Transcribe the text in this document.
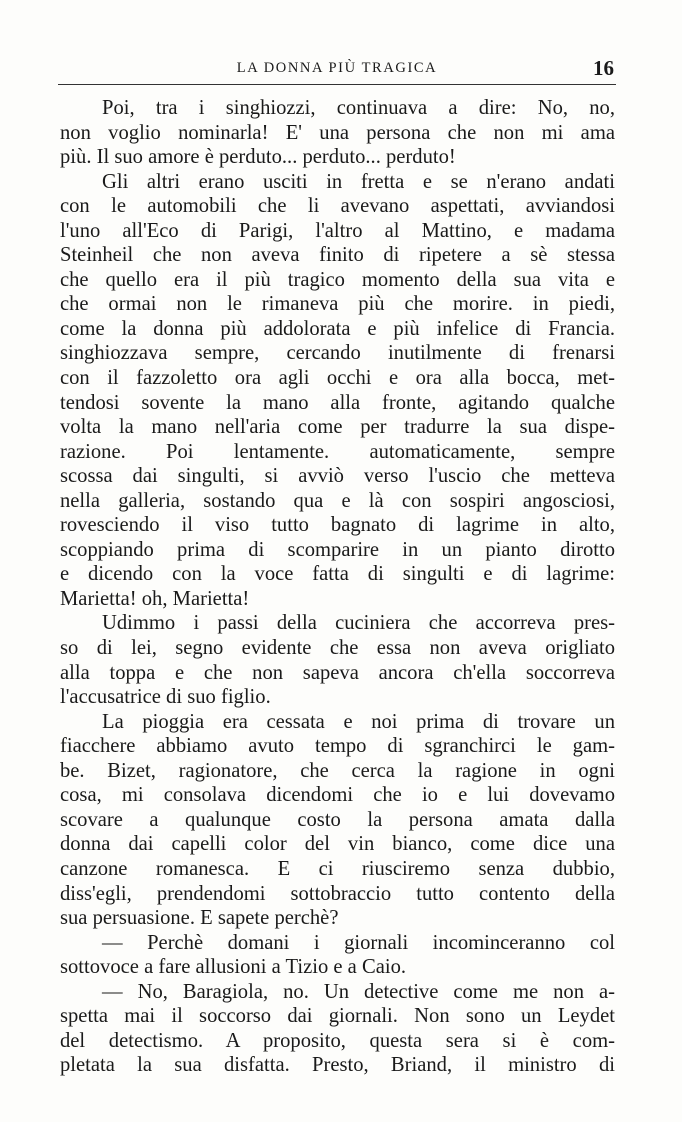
LA DONNA PIÙ TRAGICA	16
Poi, tra i singhiozzi, continuava a dire: No, no,
non voglio nominarla! E' una persona che non mi ama
più. Il suo amore è perduto... perduto... perduto!
Gli altri erano usciti in fretta e se n'erano andati
con le automobili che li avevano aspettati, avviandosi
l'uno all'Eco di Parigi, l'altro al Mattino, e madama
Steinheil che non aveva finito di ripetere a sè stessa
che quello era il più tragico momento della sua vita e
che ormai non le rimaneva più che morire. in piedi,
come la donna più addolorata e più infelice di Francia.
singhiozzava sempre, cercando inutilmente di frenarsi
con il fazzoletto ora agli occhi e ora alla bocca, met-
tendosi sovente la mano alla fronte, agitando qualche
volta la mano nell'aria come per tradurre la sua dispe-
razione. Poi lentamente. automaticamente, sempre
scossa dai singulti, si avviò verso l'uscio che metteva
nella galleria, sostando qua e là con sospiri angosciosi,
rovesciendo il viso tutto bagnato di lagrime in alto,
scoppiando prima di scomparire in un pianto dirotto
e dicendo con la voce fatta di singulti e di lagrime:
Marietta! oh, Marietta!
Udimmo i passi della cuciniera che accorreva pres-
so di lei, segno evidente che essa non aveva origliato
alla toppa e che non sapeva ancora ch'ella soccorreva
l'accusatrice di suo figlio.
La pioggia era cessata e noi prima di trovare un
fiacchere abbiamo avuto tempo di sgranchirci le gam-
be. Bizet, ragionatore, che cerca la ragione in ogni
cosa, mi consolava dicendomi che io e lui dovevamo
scovare a qualunque costo la persona amata dalla
donna dai capelli color del vin bianco, come dice una
canzone romanesca. E ci riusciremo senza dubbio,
diss'egli, prendendomi sottobraccio tutto contento della
sua persuasione. E sapete perchè?
— Perchè domani i giornali incominceranno col
sottovoce a fare allusioni a Tizio e a Caio.
— No, Baragiola, no. Un detective come me non a-
spetta mai il soccorso dai giornali. Non sono un Leydet
del detectismo. A proposito, questa sera si è com-
pletata la sua disfatta. Presto, Briand, il ministro di
